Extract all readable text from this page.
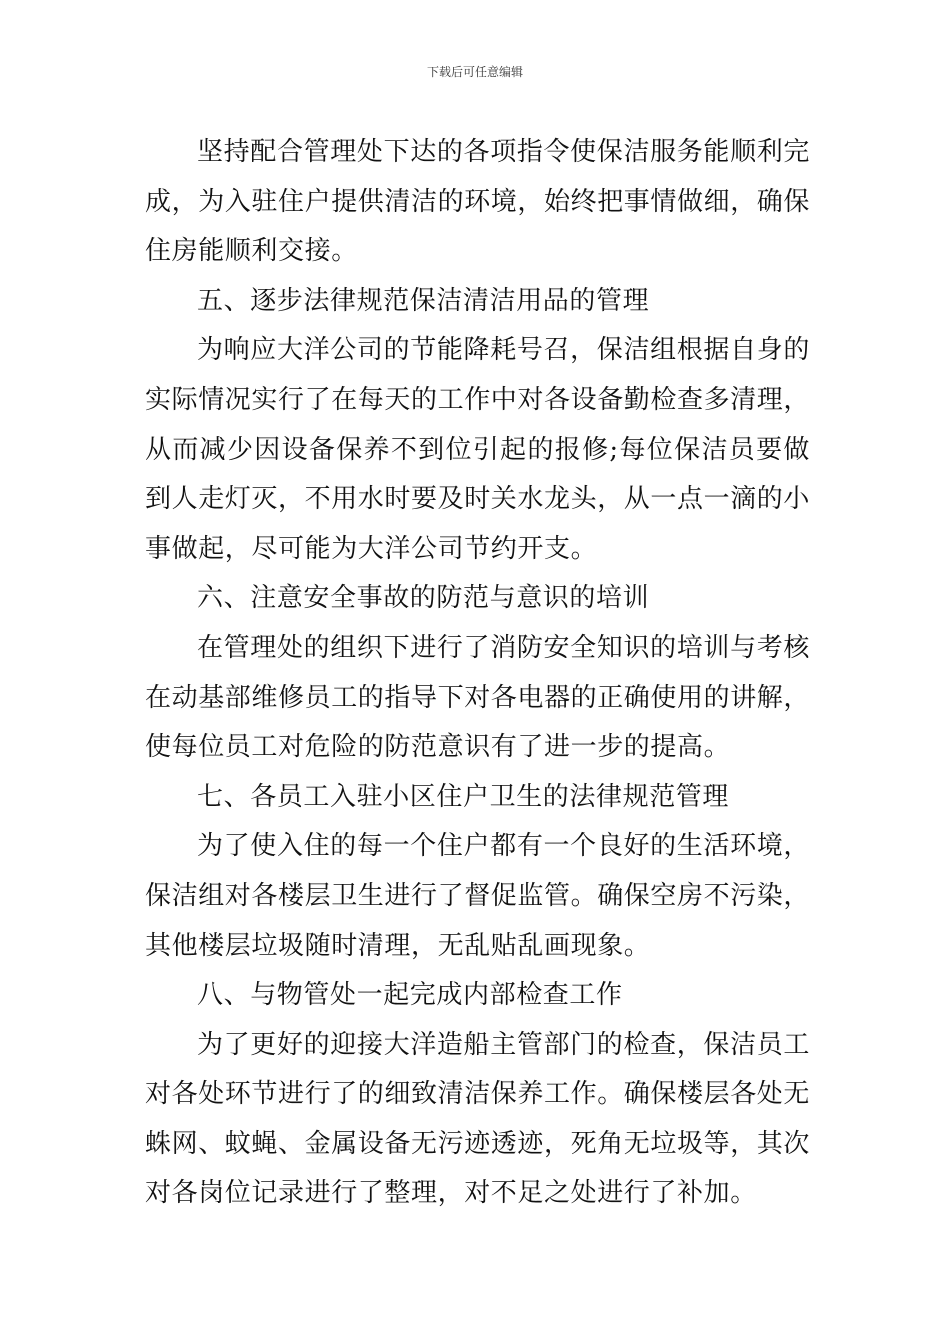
下载后可任意编辑

坚持配合管理处下达的各项指令使保洁服务能顺利完成，为入驻住户提供清洁的环境，始终把事情做细，确保住房能顺利交接。

五、逐步法律规范保洁清洁用品的管理

为响应大洋公司的节能降耗号召，保洁组根据自身的实际情况实行了在每天的工作中对各设备勤检查多清理，从而减少因设备保养不到位引起的报修;每位保洁员要做到人走灯灭，不用水时要及时关水龙头，从一点一滴的小事做起，尽可能为大洋公司节约开支。

六、注意安全事故的防范与意识的培训

在管理处的组织下进行了消防安全知识的培训与考核在动基部维修员工的指导下对各电器的正确使用的讲解，使每位员工对危险的防范意识有了进一步的提高。

七、各员工入驻小区住户卫生的法律规范管理

为了使入住的每一个住户都有一个良好的生活环境，保洁组对各楼层卫生进行了督促监管。确保空房不污染，其他楼层垃圾随时清理，无乱贴乱画现象。

八、与物管处一起完成内部检查工作

为了更好的迎接大洋造船主管部门的检查，保洁员工对各处环节进行了的细致清洁保养工作。确保楼层各处无蛛网、蚊蝇、金属设备无污迹透迹，死角无垃圾等，其次对各岗位记录进行了整理，对不足之处进行了补加。
